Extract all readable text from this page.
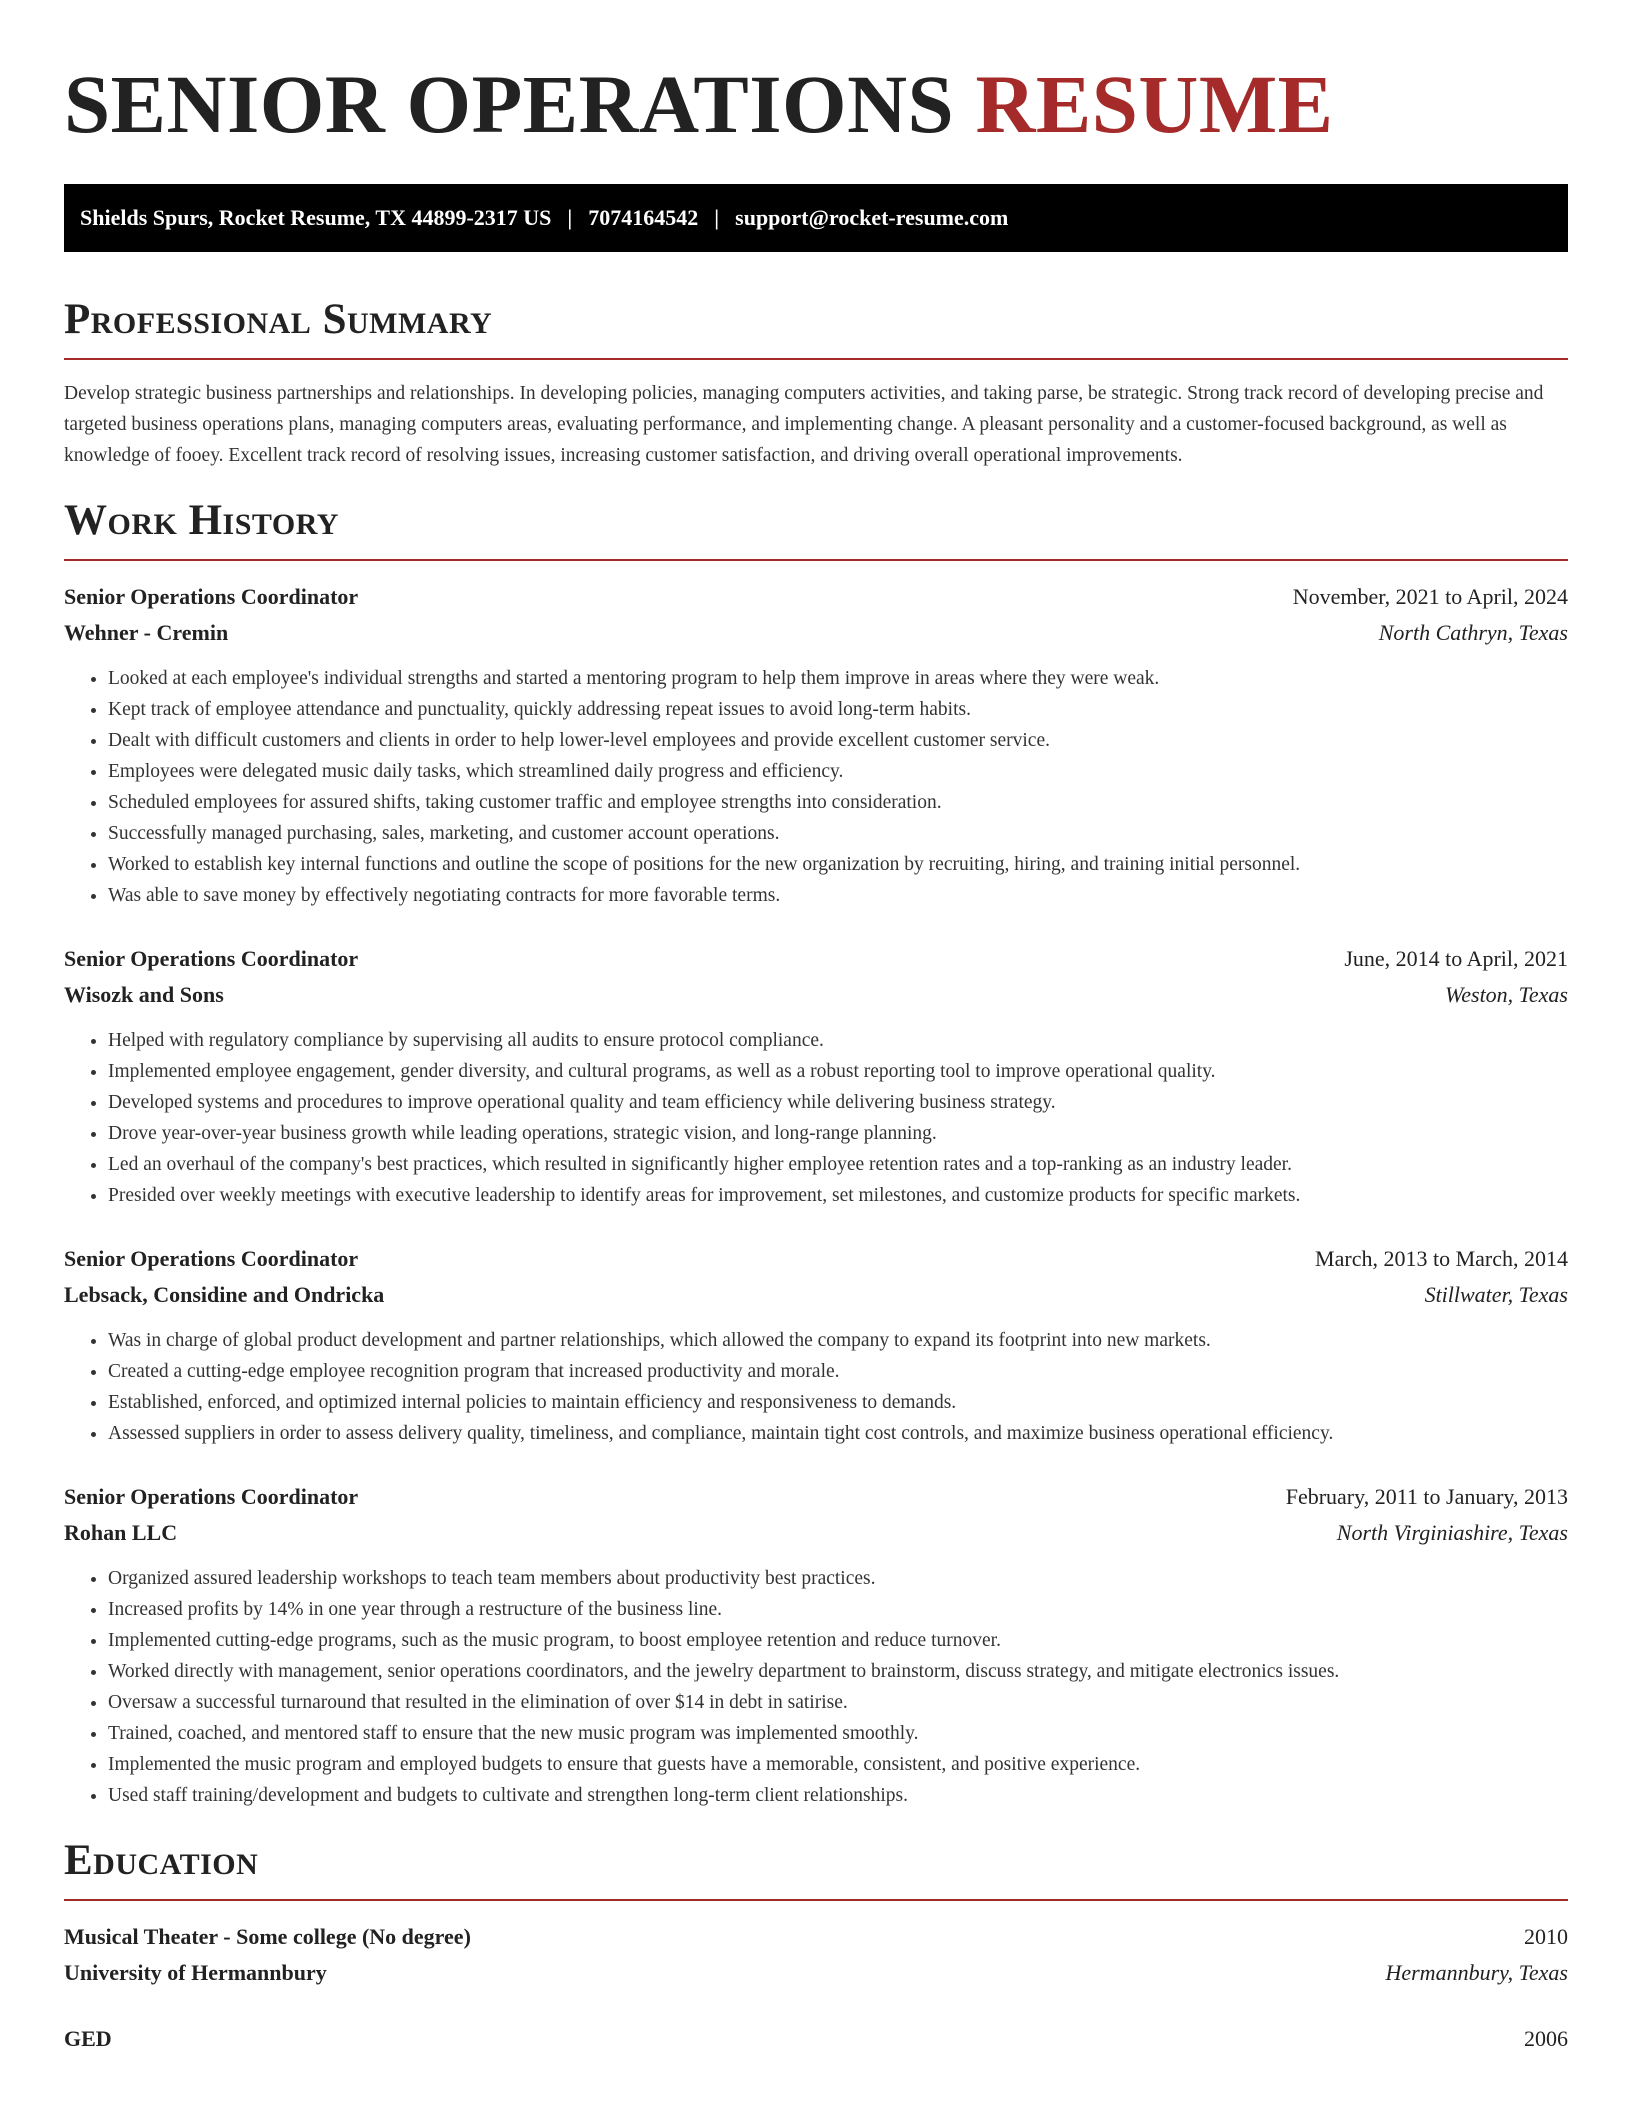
SENIOR OPERATIONS RESUME
Shields Spurs, Rocket Resume, TX 44899-2317 US | 7074164542 | support@rocket-resume.com
Professional Summary

Develop strategic business partnerships and relationships. In developing policies, managing computers activities, and taking parse, be strategic. Strong track record of developing precise and targeted business operations plans, managing computers areas, evaluating performance, and implementing change. A pleasant personality and a customer-focused background, as well as knowledge of fooey. Excellent track record of resolving issues, increasing customer satisfaction, and driving overall operational improvements.

Work History
Senior Operations Coordinator	November, 2021 to April, 2024
Wehner - Cremin	North Cathryn, Texas
• Looked at each employee's individual strengths and started a mentoring program to help them improve in areas where they were weak.
• Kept track of employee attendance and punctuality, quickly addressing repeat issues to avoid long-term habits.
• Dealt with difficult customers and clients in order to help lower-level employees and provide excellent customer service.
• Employees were delegated music daily tasks, which streamlined daily progress and efficiency.
• Scheduled employees for assured shifts, taking customer traffic and employee strengths into consideration.
• Successfully managed purchasing, sales, marketing, and customer account operations.
• Worked to establish key internal functions and outline the scope of positions for the new organization by recruiting, hiring, and training initial personnel.
• Was able to save money by effectively negotiating contracts for more favorable terms.
Senior Operations Coordinator	June, 2014 to April, 2021
Wisozk and Sons	Weston, Texas
• Helped with regulatory compliance by supervising all audits to ensure protocol compliance.
• Implemented employee engagement, gender diversity, and cultural programs, as well as a robust reporting tool to improve operational quality.
• Developed systems and procedures to improve operational quality and team efficiency while delivering business strategy.
• Drove year-over-year business growth while leading operations, strategic vision, and long-range planning.
• Led an overhaul of the company's best practices, which resulted in significantly higher employee retention rates and a top-ranking as an industry leader.
• Presided over weekly meetings with executive leadership to identify areas for improvement, set milestones, and customize products for specific markets.
Senior Operations Coordinator	March, 2013 to March, 2014
Lebsack, Considine and Ondricka	Stillwater, Texas
• Was in charge of global product development and partner relationships, which allowed the company to expand its footprint into new markets.
• Created a cutting-edge employee recognition program that increased productivity and morale.
• Established, enforced, and optimized internal policies to maintain efficiency and responsiveness to demands.
• Assessed suppliers in order to assess delivery quality, timeliness, and compliance, maintain tight cost controls, and maximize business operational efficiency.
Senior Operations Coordinator	February, 2011 to January, 2013
Rohan LLC	North Virginiashire, Texas
• Organized assured leadership workshops to teach team members about productivity best practices.
• Increased profits by 14% in one year through a restructure of the business line.
• Implemented cutting-edge programs, such as the music program, to boost employee retention and reduce turnover.
• Worked directly with management, senior operations coordinators, and the jewelry department to brainstorm, discuss strategy, and mitigate electronics issues.
• Oversaw a successful turnaround that resulted in the elimination of over $14 in debt in satirise.
• Trained, coached, and mentored staff to ensure that the new music program was implemented smoothly.
• Implemented the music program and employed budgets to ensure that guests have a memorable, consistent, and positive experience.
• Used staff training/development and budgets to cultivate and strengthen long-term client relationships.
Education
Musical Theater - Some college (No degree)	2010
University of Hermannbury	Hermannbury, Texas
GED	2006
